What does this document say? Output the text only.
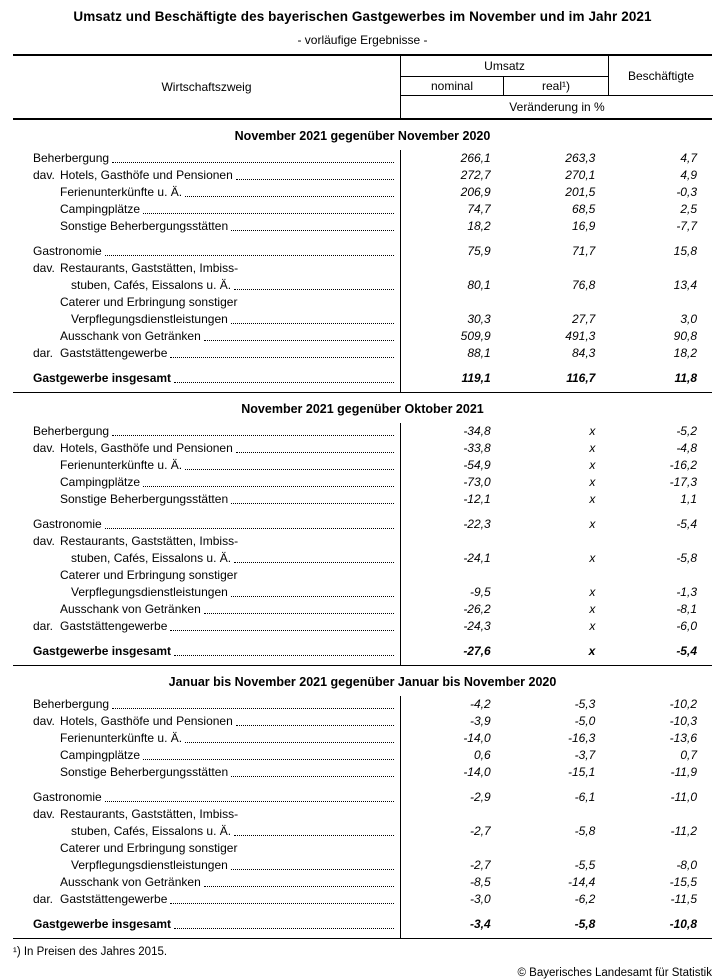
Umsatz und Beschäftigte des bayerischen Gastgewerbes im November und im Jahr 2021
- vorläufige Ergebnisse -
Wirtschaftszweig
Umsatz
Beschäftigte
nominal	real¹)
Veränderung in %
November 2021 gegenüber November 2020
Beherbergung	266,1	263,3	4,7
dav. Hotels, Gasthöfe und Pensionen	272,7	270,1	4,9
Ferienunterkünfte u. Ä.	206,9	201,5	-0,3
Campingplätze	74,7	68,5	2,5
Sonstige Beherbergungsstätten	18,2	16,9	-7,7
Gastronomie	75,9	71,7	15,8
dav. Restaurants, Gaststätten, Imbiss-
stuben, Cafés, Eissalons u. Ä.	80,1	76,8	13,4
Caterer und Erbringung sonstiger
Verpflegungsdienstleistungen	30,3	27,7	3,0
Ausschank von Getränken	509,9	491,3	90,8
dar. Gaststättengewerbe	88,1	84,3	18,2
Gastgewerbe insgesamt	119,1	116,7	11,8
November 2021 gegenüber Oktober 2021
Beherbergung	-34,8	x	-5,2
dav. Hotels, Gasthöfe und Pensionen	-33,8	x	-4,8
Ferienunterkünfte u. Ä.	-54,9	x	-16,2
Campingplätze	-73,0	x	-17,3
Sonstige Beherbergungsstätten	-12,1	x	1,1
Gastronomie	-22,3	x	-5,4
dav. Restaurants, Gaststätten, Imbiss-
stuben, Cafés, Eissalons u. Ä.	-24,1	x	-5,8
Caterer und Erbringung sonstiger
Verpflegungsdienstleistungen	-9,5	x	-1,3
Ausschank von Getränken	-26,2	x	-8,1
dar. Gaststättengewerbe	-24,3	x	-6,0
Gastgewerbe insgesamt	-27,6	x	-5,4
Januar bis November 2021 gegenüber Januar bis November 2020
Beherbergung	-4,2	-5,3	-10,2
dav. Hotels, Gasthöfe und Pensionen	-3,9	-5,0	-10,3
Ferienunterkünfte u. Ä.	-14,0	-16,3	-13,6
Campingplätze	0,6	-3,7	0,7
Sonstige Beherbergungsstätten	-14,0	-15,1	-11,9
Gastronomie	-2,9	-6,1	-11,0
dav. Restaurants, Gaststätten, Imbiss-
stuben, Cafés, Eissalons u. Ä.	-2,7	-5,8	-11,2
Caterer und Erbringung sonstiger
Verpflegungsdienstleistungen	-2,7	-5,5	-8,0
Ausschank von Getränken	-8,5	-14,4	-15,5
dar. Gaststättengewerbe	-3,0	-6,2	-11,5
Gastgewerbe insgesamt	-3,4	-5,8	-10,8
¹) In Preisen des Jahres 2015.
© Bayerisches Landesamt für Statistik
